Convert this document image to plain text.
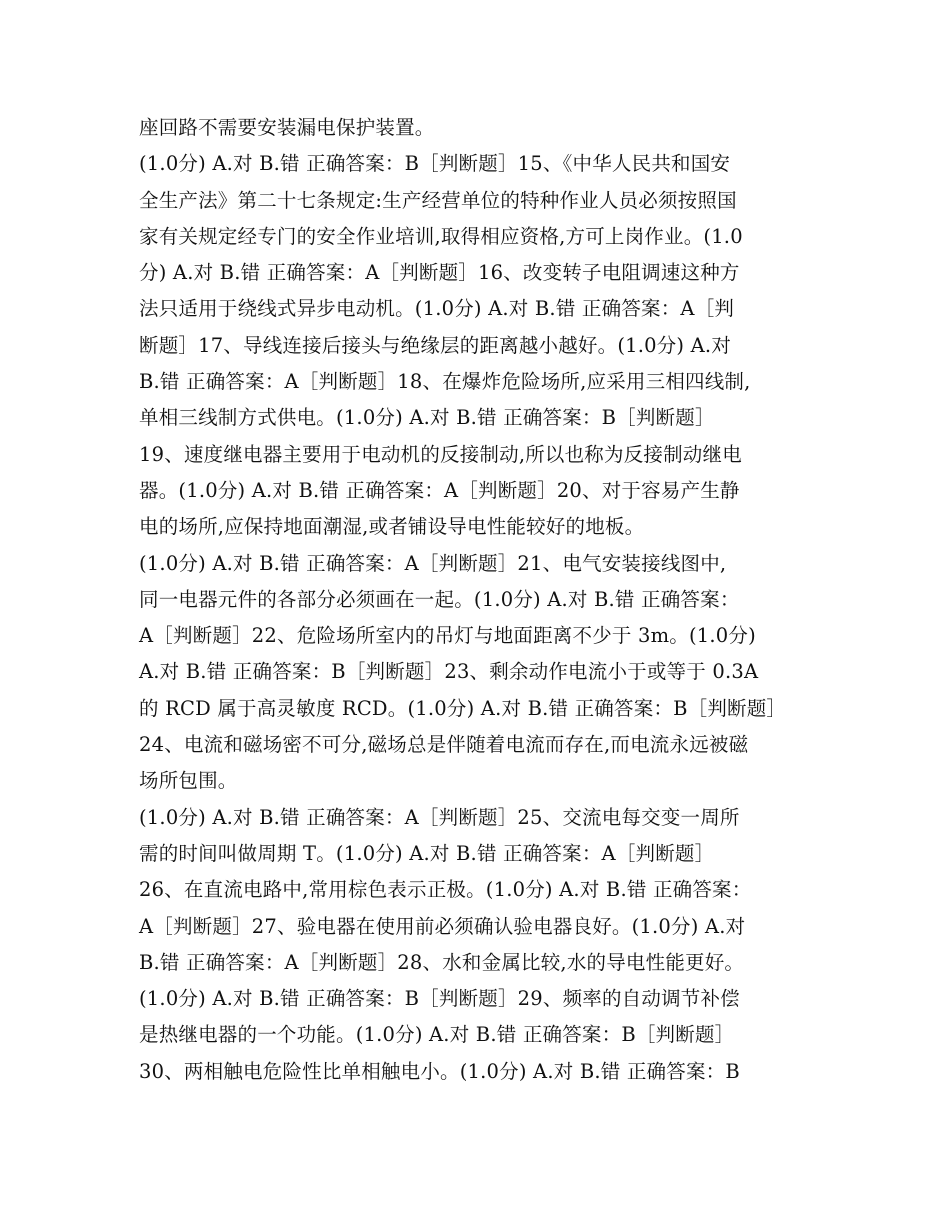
座回路不需要安装漏电保护装置。
(1.0分) A.对 B.错 正确答案：B［判断题］15、《中华人民共和国安
全生产法》第二十七条规定:生产经营单位的特种作业人员必须按照国
家有关规定经专门的安全作业培训,取得相应资格,方可上岗作业。(1.0
分) A.对 B.错 正确答案：A［判断题］16、改变转子电阻调速这种方
法只适用于绕线式异步电动机。(1.0分) A.对 B.错 正确答案：A［判
断题］17、导线连接后接头与绝缘层的距离越小越好。(1.0分) A.对
B.错 正确答案：A［判断题］18、在爆炸危险场所,应采用三相四线制,
单相三线制方式供电。(1.0分) A.对 B.错 正确答案：B［判断题］
19、速度继电器主要用于电动机的反接制动,所以也称为反接制动继电
器。(1.0分) A.对 B.错 正确答案：A［判断题］20、对于容易产生静
电的场所,应保持地面潮湿,或者铺设导电性能较好的地板。
(1.0分) A.对 B.错 正确答案：A［判断题］21、电气安装接线图中,
同一电器元件的各部分必须画在一起。(1.0分) A.对 B.错 正确答案：
A［判断题］22、危险场所室内的吊灯与地面距离不少于 3m。(1.0分)
A.对 B.错 正确答案：B［判断题］23、剩余动作电流小于或等于 0.3A
的 RCD 属于高灵敏度 RCD。(1.0分) A.对 B.错 正确答案：B［判断题］
24、电流和磁场密不可分,磁场总是伴随着电流而存在,而电流永远被磁
场所包围。
(1.0分) A.对 B.错 正确答案：A［判断题］25、交流电每交变一周所
需的时间叫做周期 T。(1.0分) A.对 B.错 正确答案：A［判断题］
26、在直流电路中,常用棕色表示正极。(1.0分) A.对 B.错 正确答案：
A［判断题］27、验电器在使用前必须确认验电器良好。(1.0分) A.对
B.错 正确答案：A［判断题］28、水和金属比较,水的导电性能更好。
(1.0分) A.对 B.错 正确答案：B［判断题］29、频率的自动调节补偿
是热继电器的一个功能。(1.0分) A.对 B.错 正确答案：B［判断题］
30、两相触电危险性比单相触电小。(1.0分) A.对 B.错 正确答案：B
